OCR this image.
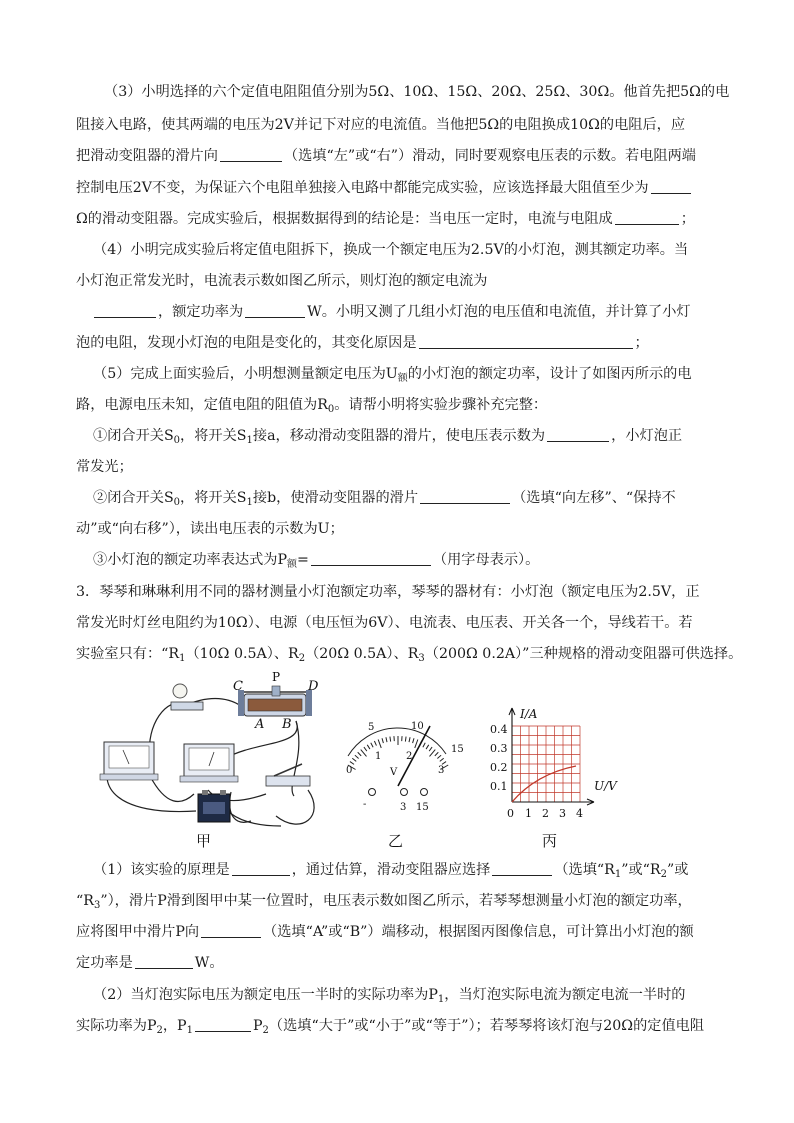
（3）小明选择的六个定值电阻阻值分别为5Ω、10Ω、15Ω、20Ω、25Ω、30Ω。他首先把5Ω的电
阻接入电路，使其两端的电压为2V并记下对应的电流值。当他把5Ω的电阻换成10Ω的电阻后，应
把滑动变阻器的滑片向	（选填“左”或“右”）滑动，同时要观察电压表的示数。若电阻两端
控制电压2V不变，为保证六个电阻单独接入电路中都能完成实验，应该选择最大阻值至少为
Ω的滑动变阻器。完成实验后，根据数据得到的结论是：当电压一定时，电流与电阻成	；
（4）小明完成实验后将定值电阻拆下，换成一个额定电压为2.5V的小灯泡，测其额定功率。当
小灯泡正常发光时，电流表示数如图乙所示，则灯泡的额定电流为
，额定功率为	W。小明又测了几组小灯泡的电压值和电流值，并计算了小灯
泡的电阻，发现小灯泡的电阻是变化的，其变化原因是	；
（5）完成上面实验后，小明想测量额定电压为$U_额$的小灯泡的额定功率，设计了如图丙所示的电
路，电源电压未知，定值电阻的阻值为$R_0$。请帮小明将实验步骤补充完整：
①闭合开关$S_0$，将开关$S_1$接a，移动滑动变阻器的滑片，使电压表示数为	，小灯泡正
常发光；
②闭合开关$S_0$，将开关$S_1$接b，使滑动变阻器的滑片	（选填“向左移”、“保持不
动”或“向右移”），读出电压表的示数为U；
③小灯泡的额定功率表达式为$P_额=$	（用字母表示）。
3．琴琴和琳琳利用不同的器材测量小灯泡额定功率，琴琴的器材有：小灯泡（额定电压为2.5V，正
常发光时灯丝电阻约为10Ω）、电源（电压恒为6V）、电流表、电压表、开关各一个，导线若干。若
实验室只有：“$R_1(10\Omega$ 0.5A）、$R_2(20\Omega$ 0.5A）、$R_3(200\Omega$ 0.2A）”三种规格的滑动变阻器可供选择。
C
P
D
A B
甲
0
5	10
15
1 2
3
V
-	3 15
乙
I/A
U/V
0.4
0.3
0.2
0.1
0 1 2 3 4
丙
（1）该实验的原理是	，通过估算，滑动变阻器应选择	（选填“$R_1$”或“$R_2$”或
“$R_3$”），滑片P滑到图甲中某一位置时，电压表示数如图乙所示，若琴琴想测量小灯泡的额定功率，
应将图甲中滑片P向	（选填“A”或“B”）端移动，根据图丙图像信息，可计算出小灯泡的额
定功率是	W。
（2）当灯泡实际电压为额定电压一半时的实际功率为$P_1$，当灯泡实际电流为额定电流一半时的
实际功率为$P_2$，$P_1$	$P_2$（选填“大于”或“小于”或“等于”）；若琴琴将该灯泡与20Ω的定值电阻
